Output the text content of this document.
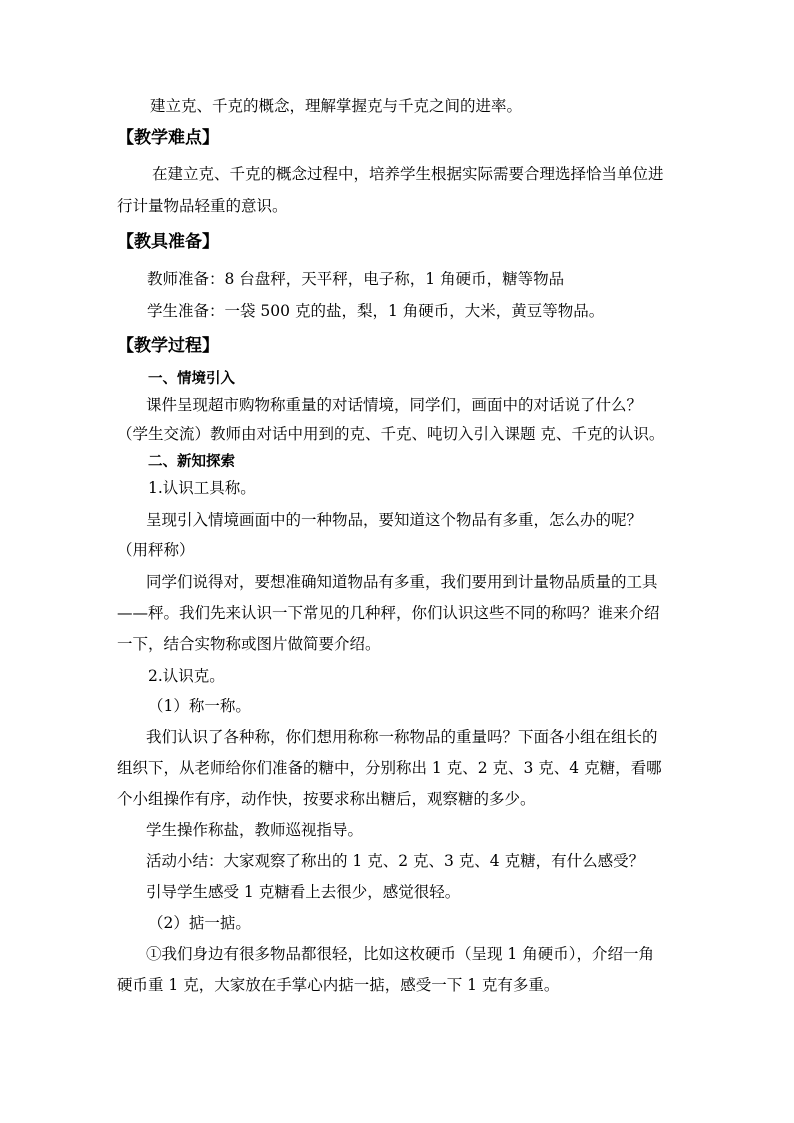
建立克、千克的概念，理解掌握克与千克之间的进率。
【教学难点】
在建立克、千克的概念过程中，培养学生根据实际需要合理选择恰当单位进
行计量物品轻重的意识。
【教具准备】
教师准备：8 台盘秤，天平秤，电子称，1 角硬币，糖等物品
学生准备：一袋 500 克的盐，梨，1 角硬币，大米，黄豆等物品。
【教学过程】
一、情境引入
课件呈现超市购物称重量的对话情境，同学们，画面中的对话说了什么？
（学生交流）教师由对话中用到的克、千克、吨切入引入课题 克、千克的认识。
二、新知探索
1.认识工具称。
呈现引入情境画面中的一种物品，要知道这个物品有多重，怎么办的呢？
（用秤称）
同学们说得对，要想准确知道物品有多重，我们要用到计量物品质量的工具
——秤。我们先来认识一下常见的几种秤，你们认识这些不同的称吗？谁来介绍
一下，结合实物称或图片做简要介绍。
2.认识克。
（1）称一称。
我们认识了各种称，你们想用称称一称物品的重量吗？下面各小组在组长的
组织下，从老师给你们准备的糖中，分别称出 1 克、2 克、3 克、4 克糖，看哪
个小组操作有序，动作快，按要求称出糖后，观察糖的多少。
学生操作称盐，教师巡视指导。
活动小结：大家观察了称出的 1 克、2 克、3 克、4 克糖，有什么感受？
引导学生感受 1 克糖看上去很少，感觉很轻。
（2）掂一掂。
①我们身边有很多物品都很轻，比如这枚硬币（呈现 1 角硬币），介绍一角
硬币重 1 克，大家放在手掌心内掂一掂，感受一下 1 克有多重。
